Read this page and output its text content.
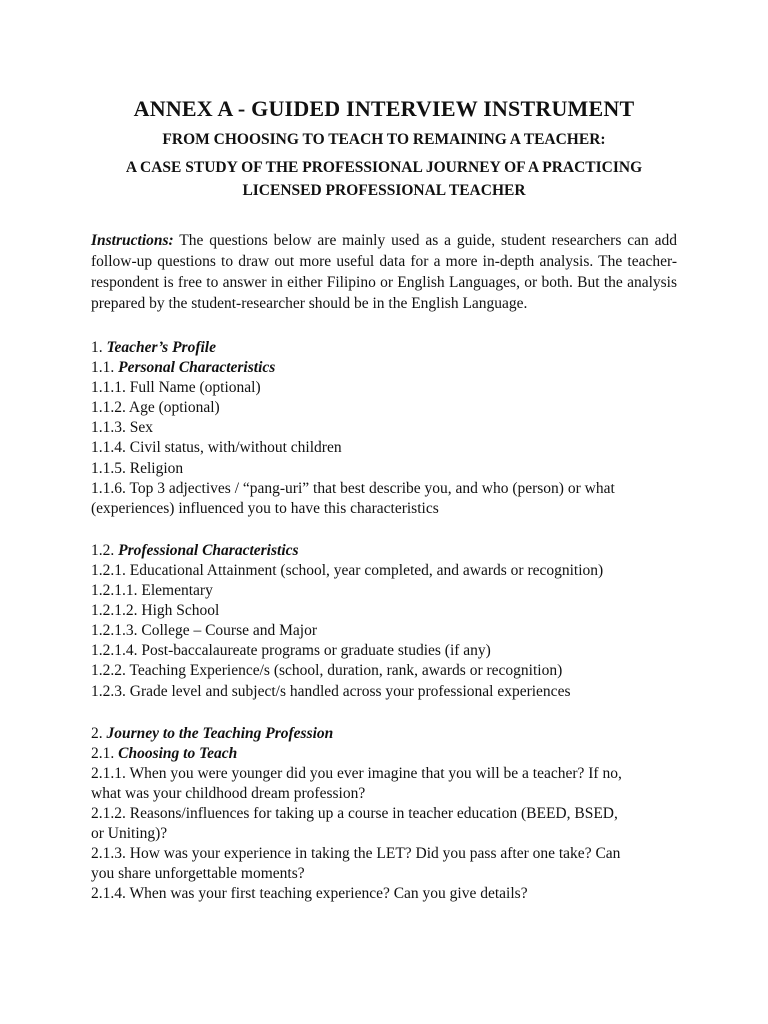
ANNEX A - GUIDED INTERVIEW INSTRUMENT
FROM CHOOSING TO TEACH TO REMAINING A TEACHER:
A CASE STUDY OF THE PROFESSIONAL JOURNEY OF A PRACTICING
LICENSED PROFESSIONAL TEACHER
Instructions: The questions below are mainly used as a guide, student researchers can add follow-up questions to draw out more useful data for a more in-depth analysis. The teacher-respondent is free to answer in either Filipino or English Languages, or both. But the analysis prepared by the student-researcher should be in the English Language.
1. Teacher’s Profile
1.1. Personal Characteristics
1.1.1. Full Name (optional)
1.1.2. Age (optional)
1.1.3. Sex
1.1.4. Civil status, with/without children
1.1.5. Religion
1.1.6. Top 3 adjectives / “pang-uri” that best describe you, and who (person) or what
(experiences) influenced you to have this characteristics
1.2. Professional Characteristics
1.2.1. Educational Attainment (school, year completed, and awards or recognition)
1.2.1.1. Elementary
1.2.1.2. High School
1.2.1.3. College – Course and Major
1.2.1.4. Post-baccalaureate programs or graduate studies (if any)
1.2.2. Teaching Experience/s (school, duration, rank, awards or recognition)
1.2.3. Grade level and subject/s handled across your professional experiences
2. Journey to the Teaching Profession
2.1. Choosing to Teach
2.1.1. When you were younger did you ever imagine that you will be a teacher? If no,
what was your childhood dream profession?
2.1.2. Reasons/influences for taking up a course in teacher education (BEED, BSED,
or Uniting)?
2.1.3. How was your experience in taking the LET? Did you pass after one take? Can
you share unforgettable moments?
2.1.4. When was your first teaching experience? Can you give details?
